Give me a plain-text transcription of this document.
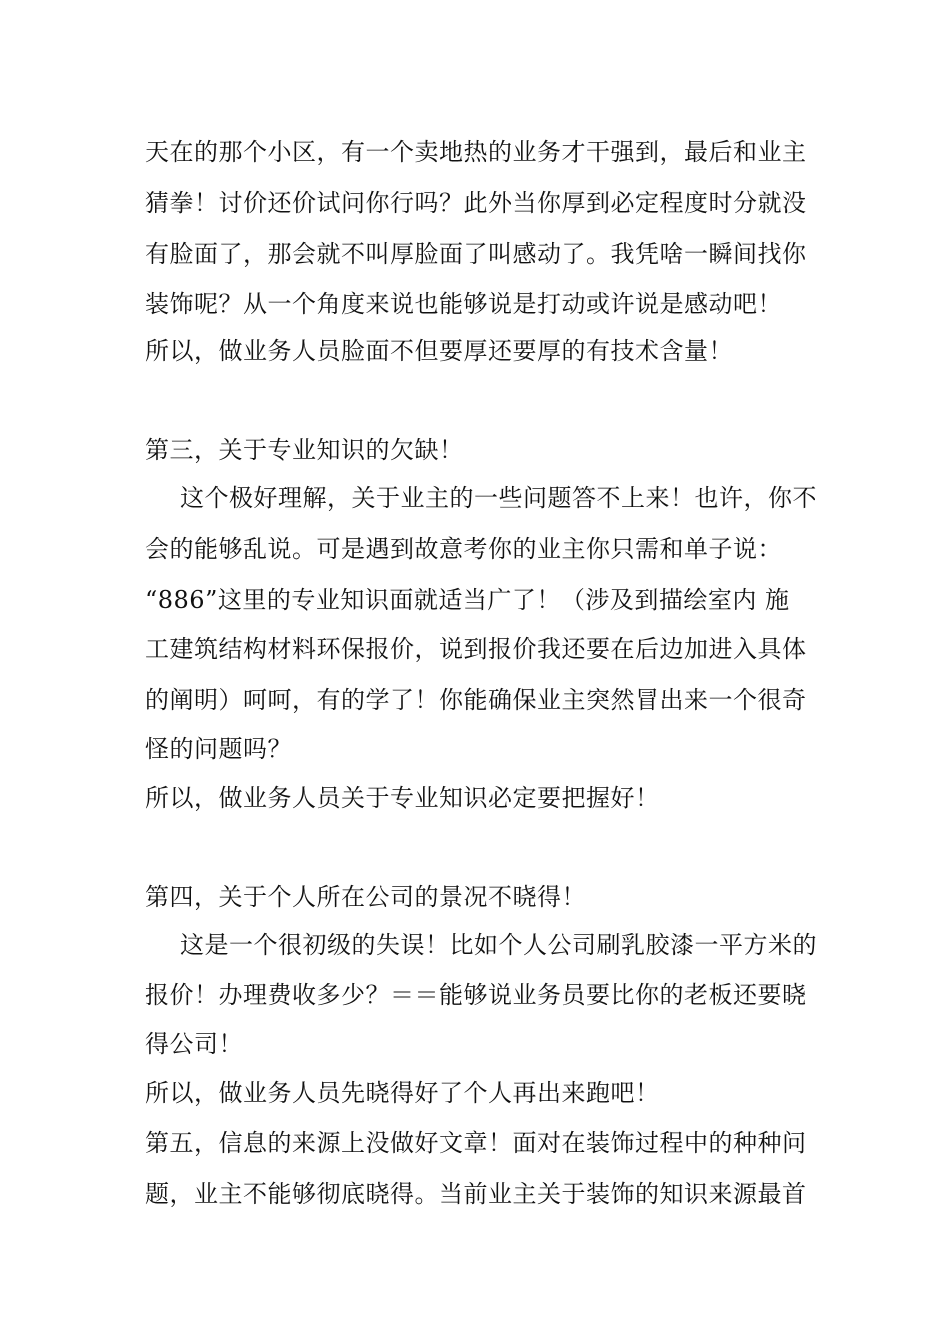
天在的那个小区，有一个卖地热的业务才干强到，最后和业主
猜拳！讨价还价试问你行吗？此外当你厚到必定程度时分就没
有脸面了，那会就不叫厚脸面了叫感动了。我凭啥一瞬间找你
装饰呢？从一个角度来说也能够说是打动或许说是感动吧！
所以，做业务人员脸面不但要厚还要厚的有技术含量！
第三，关于专业知识的欠缺！
这个极好理解，关于业主的一些问题答不上来！也许，你不
会的能够乱说。可是遇到故意考你的业主你只需和单子说：
“886”这里的专业知识面就适当广了！（涉及到描绘室内 施
工建筑结构材料环保报价，说到报价我还要在后边加进入具体
的阐明）呵呵，有的学了！你能确保业主突然冒出来一个很奇
怪的问题吗？
所以，做业务人员关于专业知识必定要把握好！
第四，关于个人所在公司的景况不晓得！
这是一个很初级的失误！比如个人公司刷乳胶漆一平方米的
报价！办理费收多少？＝＝能够说业务员要比你的老板还要晓
得公司！
所以，做业务人员先晓得好了个人再出来跑吧！
第五，信息的来源上没做好文章！面对在装饰过程中的种种问
题，业主不能够彻底晓得。当前业主关于装饰的知识来源最首
